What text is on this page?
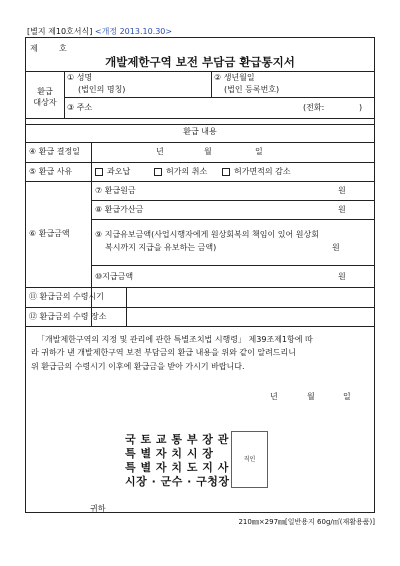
[별지 제10호서식] <개정 2013.10.30>
제	호
개발제한구역 보전 부담금 환급통지서
환급
대상자
① 성명
(법인의 명칭)
② 생년월일
(법인 등록번호)
③ 주소	(전화:	)
환급 내용
④ 환급 결정일	년	월	일
⑤ 환급 사유	과오납	허가의 취소	허가면적의 감소
⑥ 환급금액
⑦ 환급원금	원
⑧ 환급가산금	원
⑨ 지급유보금액(사업시행자에게 원상회복의 책임이 있어 원상회
복시까지 지급을 유보하는 금액)	원
⑩지급금액	원
⑪ 환급금의 수령시기
⑫ 환급금의 수령 장소
「개발제한구역의 지정 및 관리에 관한 특별조치법 시행령」 제39조제1항에 따
라 귀하가 낸 개발제한구역 보전 부담금의 환급 내용을 위와 같이 알려드리니
위 환급금의 수령시기 이후에 환급금을 받아 가시기 바랍니다.
년	월	일
국 토 교 통 부 장 관
특 별 자 치 시 장
특 별 자 치 도 지 사
시장 · 군수 · 구청장
직인
귀하
210㎜×297㎜[일반용지 60g/㎡(재활용품)]
